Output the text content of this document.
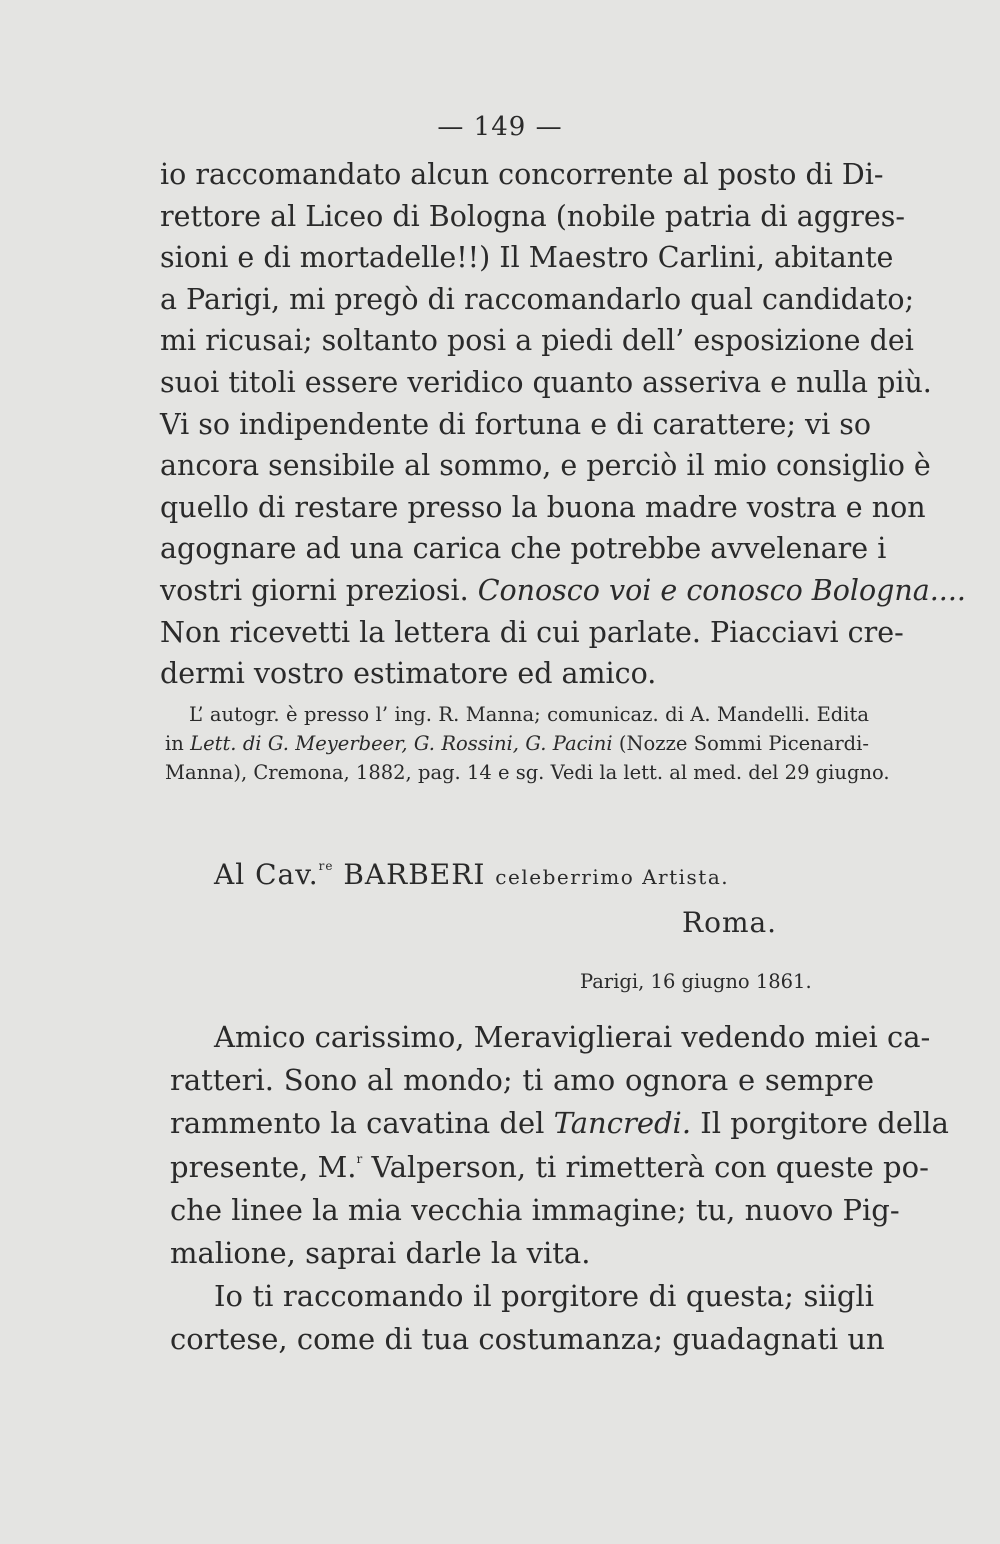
— 149 —
io raccomandato alcun concorrente al posto di Di-
rettore al Liceo di Bologna (nobile patria di aggres-
sioni e di mortadelle!!) Il Maestro Carlini, abitante
a Parigi, mi pregò di raccomandarlo qual candidato;
mi ricusai; soltanto posi a piedi dell’ esposizione dei
suoi titoli essere veridico quanto asseriva e nulla più.
Vi so indipendente di fortuna e di carattere; vi so
ancora sensibile al sommo, e perciò il mio consiglio è
quello di restare presso la buona madre vostra e non
agognare ad una carica che potrebbe avvelenare i
vostri giorni preziosi. Conosco voi e conosco Bologna....
Non ricevetti la lettera di cui parlate. Piacciavi cre-
dermi vostro estimatore ed amico.
L’ autogr. è presso l’ ing. R. Manna; comunicaz. di A. Mandelli. Edita
in Lett. di G. Meyerbeer, G. Rossini, G. Pacini (Nozze Sommi Picenardi-
Manna), Cremona, 1882, pag. 14 e sg. Vedi la lett. al med. del 29 giugno.
Al Cav.$^{re}$ BARBERI celeberrimo Artista.
Roma.
Parigi, 16 giugno 1861.
Amico carissimo, Meraviglierai vedendo miei ca-
ratteri. Sono al mondo; ti amo ognora e sempre
rammento la cavatina del Tancredi. Il porgitore della
presente, M.$^r$ Valperson, ti rimetterà con queste po-
che linee la mia vecchia immagine; tu, nuovo Pig-
malione, saprai darle la vita.
Io ti raccomando il porgitore di questa; siigli
cortese, come di tua costumanza; guadagnati un
